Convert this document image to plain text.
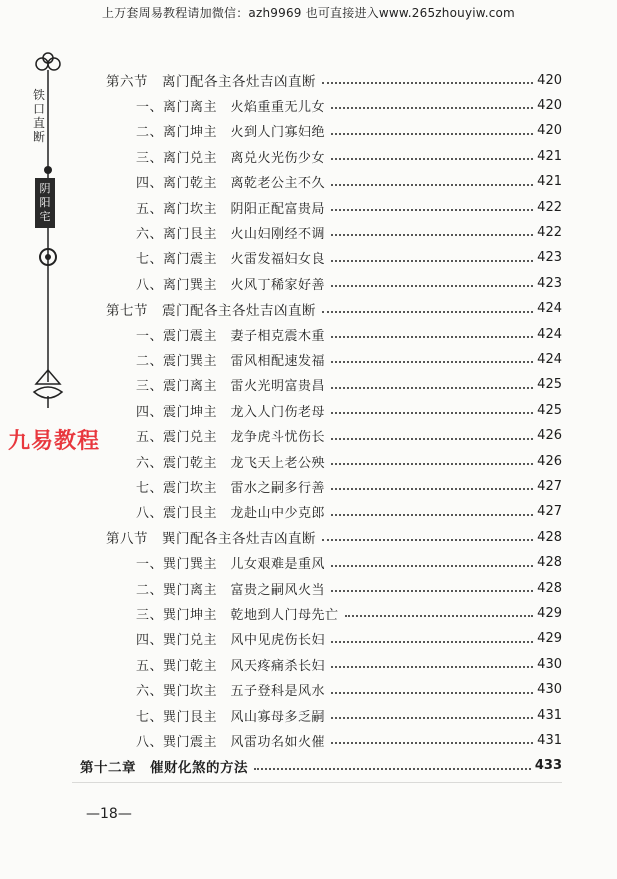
上万套周易教程请加微信：azh9969 也可直接进入www.265zhouyiw.com
铁口直断
阴阳宅
九易教程
第六节　离门配各主各灶吉凶直断	420
一、离门离主　火焰重重无儿女	420
二、离门坤主　火到人门寡妇绝	420
三、离门兑主　离兑火光伤少女	421
四、离门乾主　离乾老公主不久	421
五、离门坎主　阴阳正配富贵局	422
六、离门艮主　火山妇刚经不调	422
七、离门震主　火雷发福妇女良	423
八、离门巽主　火风丁稀家好善	423
第七节　震门配各主各灶吉凶直断	424
一、震门震主　妻子相克震木重	424
二、震门巽主　雷风相配速发福	424
三、震门离主　雷火光明富贵昌	425
四、震门坤主　龙入人门伤老母	425
五、震门兑主　龙争虎斗忧伤长	426
六、震门乾主　龙飞天上老公殃	426
七、震门坎主　雷水之嗣多行善	427
八、震门艮主　龙赴山中少克郎	427
第八节　巽门配各主各灶吉凶直断	428
一、巽门巽主　儿女艰难是重风	428
二、巽门离主　富贵之嗣风火当	428
三、巽门坤主　乾地到人门母先亡	429
四、巽门兑主　风中见虎伤长妇	429
五、巽门乾主　风天疼痛杀长妇	430
六、巽门坎主　五子登科是风水	430
七、巽门艮主　风山寡母多乏嗣	431
八、巽门震主　风雷功名如火催	431
第十二章　催财化煞的方法	433
—18—
